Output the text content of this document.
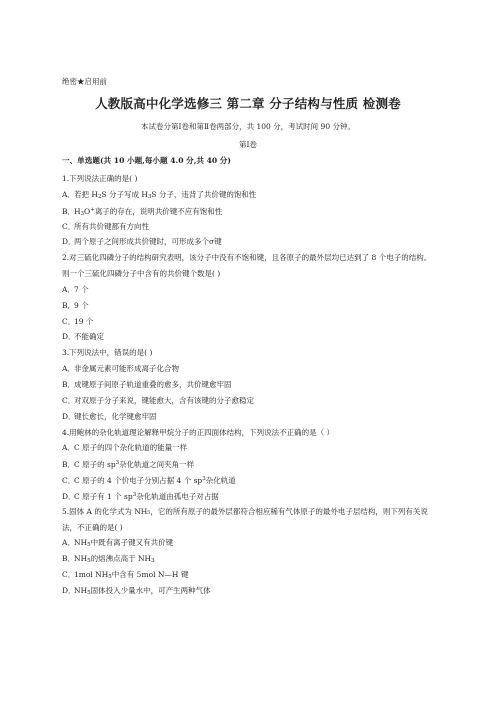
绝密★启用前
人教版高中化学选修三 第二章 分子结构与性质 检测卷
本试卷分第Ⅰ卷和第Ⅱ卷两部分，共 100 分，考试时间 90 分钟。
第Ⅰ卷
一、单选题(共 10 小题,每小题 4.0 分,共 40 分)
1.下列说法正确的是( )
A．若把 $H_2S$ 分子写成 $H_3S$ 分子，违背了共价键的饱和性
B．$H_3O^+$离子的存在，说明共价键不应有饱和性
C．所有共价键都有方向性
D．两个原子之间形成共价键时，可形成多个σ键
2.对三硫化四磷分子的结构研究表明，该分子中没有不饱和键，且各原子的最外层均已达到了 8 个电子的结构。则一个三硫化四磷分子中含有的共价键个数是( )
A．7 个
B．9 个
C．19 个
D．不能确定
3.下列说法中，错误的是( )
A．非金属元素可能形成离子化合物
B．成键原子间原子轨道重叠的愈多，共价键愈牢固
C．对双原子分子来说，键能愈大，含有该键的分子愈稳定
D．键长愈长，化学键愈牢固
4.用鲍林的杂化轨道理论解释甲烷分子的正四面体结构，下列说法不正确的是（ ）
A．C 原子的四个杂化轨道的能量一样
B．C 原子的 $sp^3$杂化轨道之间夹角一样
C．C 原子的 4 个价电子分别占据 4 个 $sp^3$杂化轨道
D．C 原子有 1 个 $sp^3$杂化轨道由孤电子对占据
5.固体 A 的化学式为 NH₅，它的所有原子的最外层都符合相应稀有气体原子的最外电子层结构，则下列有关说法，不正确的是( )
A．$NH_5$中既有离子键又有共价键
B．$NH_5$的熔沸点高于 $NH_3$
C．1mol $NH_5$中含有 5mol N—H 键
D．$NH_5$固体投入少量水中，可产生两种气体
